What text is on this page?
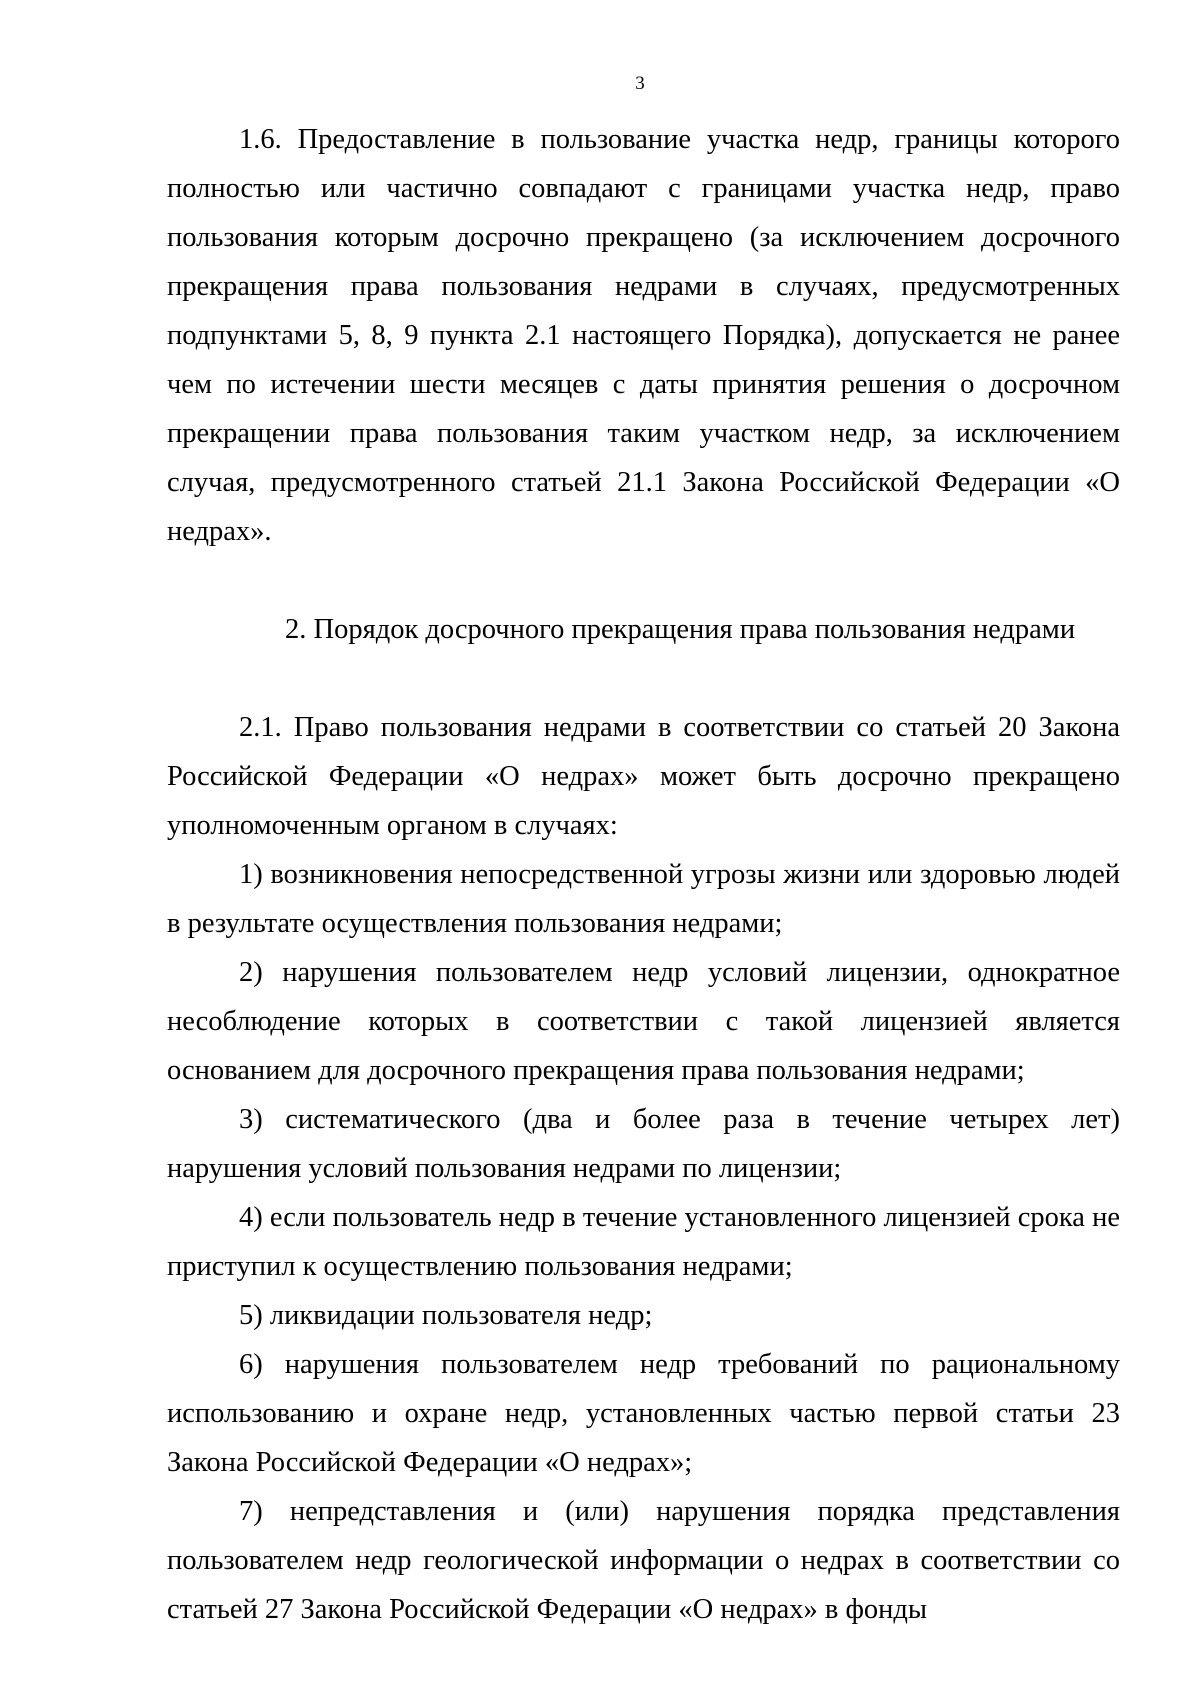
3

1.6. Предоставление в пользование участка недр, границы которого полностью или частично совпадают с границами участка недр, право пользования которым досрочно прекращено (за исключением досрочного прекращения права пользования недрами в случаях, предусмотренных подпунктами 5, 8, 9 пункта 2.1 настоящего Порядка), допускается не ранее чем по истечении шести месяцев с даты принятия решения о досрочном прекращении права пользования таким участком недр, за исключением случая, предусмотренного статьей 21.1 Закона Российской Федерации «О недрах».

2. Порядок досрочного прекращения права пользования недрами

2.1. Право пользования недрами в соответствии со статьей 20 Закона Российской Федерации «О недрах» может быть досрочно прекращено уполномоченным органом в случаях:

1) возникновения непосредственной угрозы жизни или здоровью людей в результате осуществления пользования недрами;

2) нарушения пользователем недр условий лицензии, однократное несоблюдение которых в соответствии с такой лицензией является основанием для досрочного прекращения права пользования недрами;

3) систематического (два и более раза в течение четырех лет) нарушения условий пользования недрами по лицензии;

4) если пользователь недр в течение установленного лицензией срока не приступил к осуществлению пользования недрами;

5) ликвидации пользователя недр;

6) нарушения пользователем недр требований по рациональному использованию и охране недр, установленных частью первой статьи 23 Закона Российской Федерации «О недрах»;

7) непредставления и (или) нарушения порядка представления пользователем недр геологической информации о недрах в соответствии со статьей 27 Закона Российской Федерации «О недрах» в фонды
